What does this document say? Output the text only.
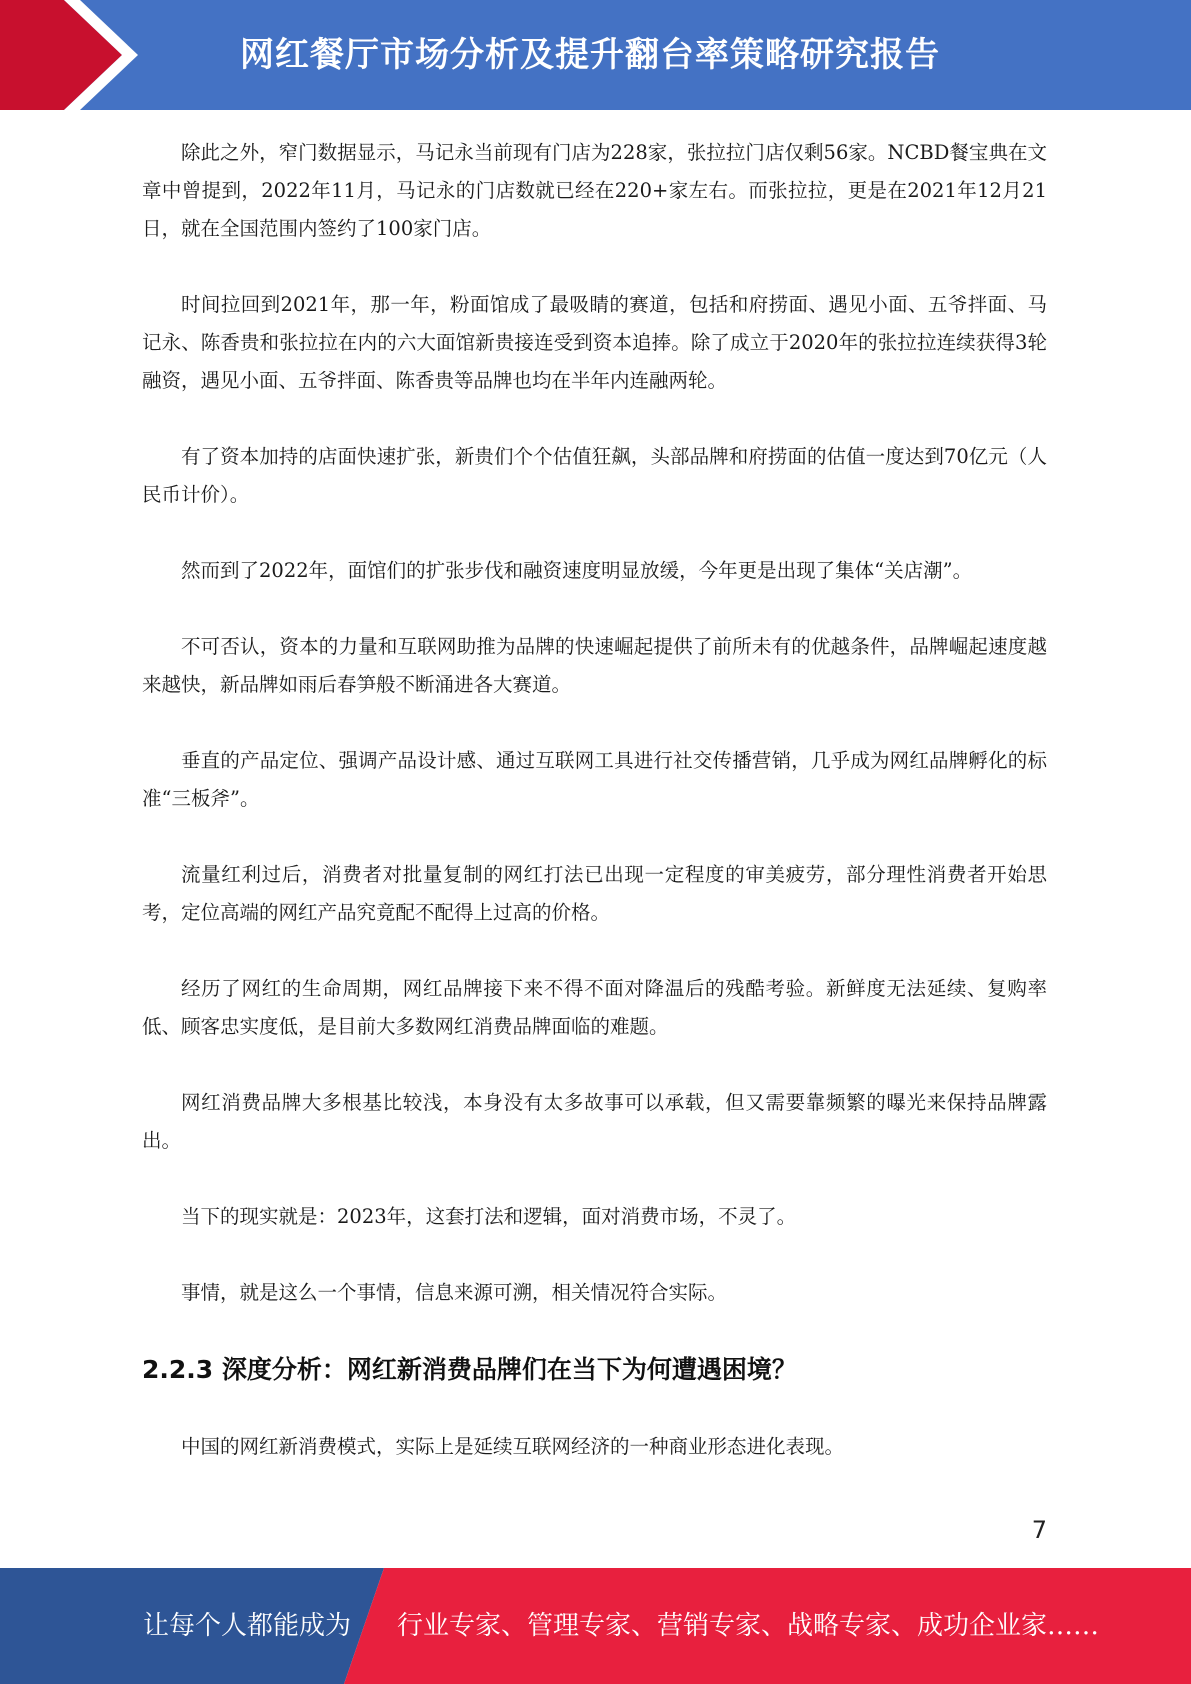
网红餐厅市场分析及提升翻台率策略研究报告

除此之外，窄门数据显示，马记永当前现有门店为228家，张拉拉门店仅剩56家。NCBD餐宝典在文章中曾提到，2022年11月，马记永的门店数就已经在220+家左右。而张拉拉，更是在2021年12月21日，就在全国范围内签约了100家门店。

时间拉回到2021年，那一年，粉面馆成了最吸睛的赛道，包括和府捞面、遇见小面、五爷拌面、马记永、陈香贵和张拉拉在内的六大面馆新贵接连受到资本追捧。除了成立于2020年的张拉拉连续获得3轮融资，遇见小面、五爷拌面、陈香贵等品牌也均在半年内连融两轮。

有了资本加持的店面快速扩张，新贵们个个估值狂飙，头部品牌和府捞面的估值一度达到70亿元（人民币计价）。

然而到了2022年，面馆们的扩张步伐和融资速度明显放缓，今年更是出现了集体“关店潮”。

不可否认，资本的力量和互联网助推为品牌的快速崛起提供了前所未有的优越条件，品牌崛起速度越来越快，新品牌如雨后春笋般不断涌进各大赛道。

垂直的产品定位、强调产品设计感、通过互联网工具进行社交传播营销，几乎成为网红品牌孵化的标准“三板斧”。

流量红利过后，消费者对批量复制的网红打法已出现一定程度的审美疲劳，部分理性消费者开始思考，定位高端的网红产品究竟配不配得上过高的价格。

经历了网红的生命周期，网红品牌接下来不得不面对降温后的残酷考验。新鲜度无法延续、复购率低、顾客忠实度低，是目前大多数网红消费品牌面临的难题。

网红消费品牌大多根基比较浅，本身没有太多故事可以承载，但又需要靠频繁的曝光来保持品牌露出。

当下的现实就是：2023年，这套打法和逻辑，面对消费市场，不灵了。

事情，就是这么一个事情，信息来源可溯，相关情况符合实际。

2.2.3 深度分析：网红新消费品牌们在当下为何遭遇困境？

中国的网红新消费模式，实际上是延续互联网经济的一种商业形态进化表现。

7
让每个人都能成为 行业专家、管理专家、营销专家、战略专家、成功企业家……
